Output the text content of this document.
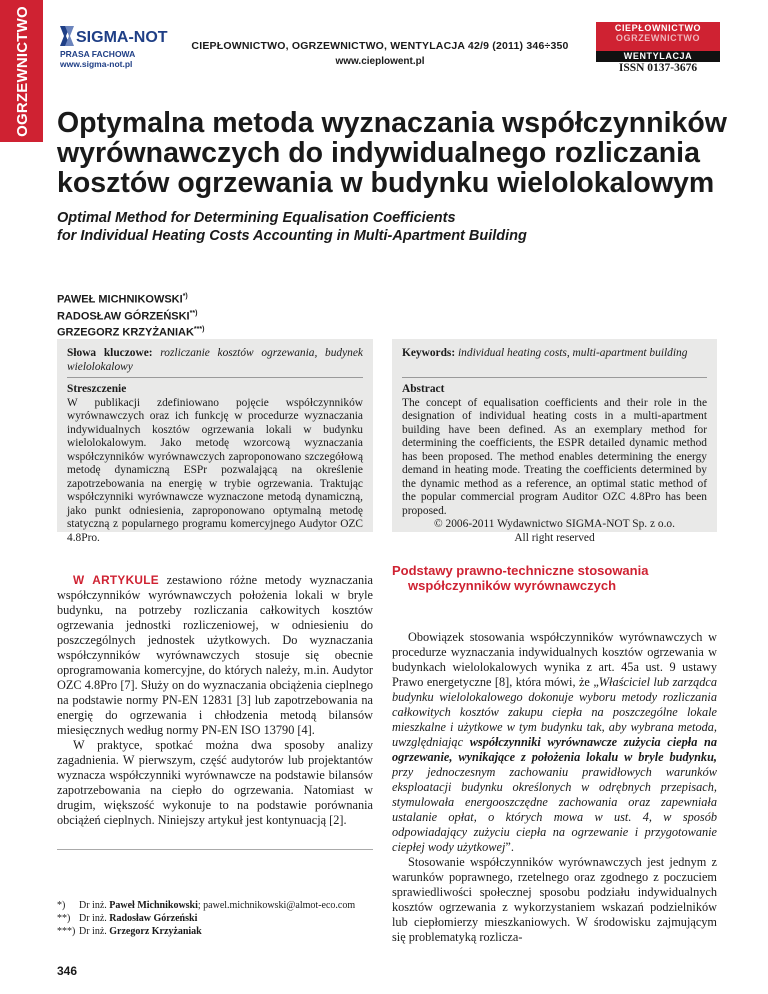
OGRZEWNICTWO	SIGMA-NOT
PRASA FACHOWA
www.sigma-not.pl
CIEPŁOWNICTWO, OGRZEWNICTWO, WENTYLACJA 42/9 (2011) 346÷350
www.cieplowent.pl
CIEPŁOWNICTWO
OGRZEWNICTWO
WENTYLACJA
ISSN 0137-3676
Optymalna metoda wyznaczania współczynników
wyrównawczych do indywidualnego rozliczania
kosztów ogrzewania w budynku wielolokalowym
Optimal Method for Determining Equalisation Coefficients
for Individual Heating Costs Accounting in Multi-Apartment Building
PAWEŁ MICHNIKOWSKI*)
RADOSŁAW GÓRZEŃSKI**)
GRZEGORZ KRZYŻANIAK***)
Słowa kluczowe: rozliczanie kosztów ogrzewania, budynek wielolokalowy
Streszczenie
W publikacji zdefiniowano pojęcie współczynników wyrównawczych oraz ich funkcję w procedurze wyznaczania indywidualnych kosztów ogrzewania lokali w budynku wielolokalowym. Jako metodę wzorcową wyznaczania współczynników wyrównawczych zaproponowano szczegółową metodę dynamiczną ESPr pozwalającą na określenie zapotrzebowania na energię w trybie ogrzewania. Traktując współczynniki wyrównawcze wyznaczone metodą dynamiczną, jako punkt odniesienia, zaproponowano optymalną metodę statyczną z popularnego programu komercyjnego Audytor OZC 4.8Pro.
Keywords: individual heating costs, multi-apartment building
Abstract
The concept of equalisation coefficients and their role in the designation of individual heating costs in a multi-apartment building have been defined. As an exemplary method for determining the coefficients, the ESPR detailed dynamic method has been proposed. The method enables determining the energy demand in heating mode. Treating the coefficients determined by the dynamic method as a reference, an optimal static method of the popular commercial program Auditor OZC 4.8Pro has been proposed.
© 2006-2011 Wydawnictwo SIGMA-NOT Sp. z o.o.
All right reserved

W ARTYKULE zestawiono różne metody wyznaczania współczynników wyrównawczych położenia lokali w bryle budynku, na potrzeby rozliczania całkowitych kosztów ogrzewania jednostki rozliczeniowej, w odniesieniu do poszczególnych jednostek użytkowych. Do wyznaczania współczynników wyrównawczych stosuje się obecnie oprogramowania komercyjne, do których należy, m.in. Audytor OZC 4.8Pro [7]. Służy on do wyznaczania obciążenia cieplnego na podstawie normy PN-EN 12831 [3] lub zapotrzebowania na energię do ogrzewania i chłodzenia metodą bilansów miesięcznych według normy PN-EN ISO 13790 [4].

W praktyce, spotkać można dwa sposoby analizy zagadnienia. W pierwszym, część audytorów lub projektantów wyznacza współczynniki wyrównawcze na podstawie bilansów zapotrzebowania na ciepło do ogrzewania. Natomiast w drugim, większość wykonuje to na podstawie porównania obciążeń cieplnych. Niniejszy artykuł jest kontynuacją [2].

*) Dr inż. Paweł Michnikowski; pawel.michnikowski@almot-eco.com
**) Dr inż. Radosław Górzeński
***) Dr inż. Grzegorz Krzyżaniak
346
Podstawy prawno-techniczne stosowania
współczynników wyrównawczych

Obowiązek stosowania współczynników wyrównawczych w procedurze wyznaczania indywidualnych kosztów ogrzewania w budynkach wielolokalowych wynika z art. 45a ust. 9 ustawy Prawo energetyczne [8], która mówi, że „Właściciel lub zarządca budynku wielolokalowego dokonuje wyboru metody rozliczania całkowitych kosztów zakupu ciepła na poszczególne lokale mieszkalne i użytkowe w tym budynku tak, aby wybrana metoda, uwzględniając współczynniki wyrównawcze zużycia ciepła na ogrzewanie, wynikające z położenia lokalu w bryle budynku, przy jednoczesnym zachowaniu prawidłowych warunków eksploatacji budynku określonych w odrębnych przepisach, stymulowała energooszczędne zachowania oraz zapewniała ustalanie opłat, o których mowa w ust. 4, w sposób odpowiadający zużyciu ciepła na ogrzewanie i przygotowanie ciepłej wody użytkowej”.

Stosowanie współczynników wyrównawczych jest jednym z warunków poprawnego, rzetelnego oraz zgodnego z poczuciem sprawiedliwości społecznej sposobu podziału indywidualnych kosztów ogrzewania z wykorzystaniem wskazań podzielników lub ciepłomierzy mieszkaniowych. W środowisku zajmującym się problematyką rozlicza-
